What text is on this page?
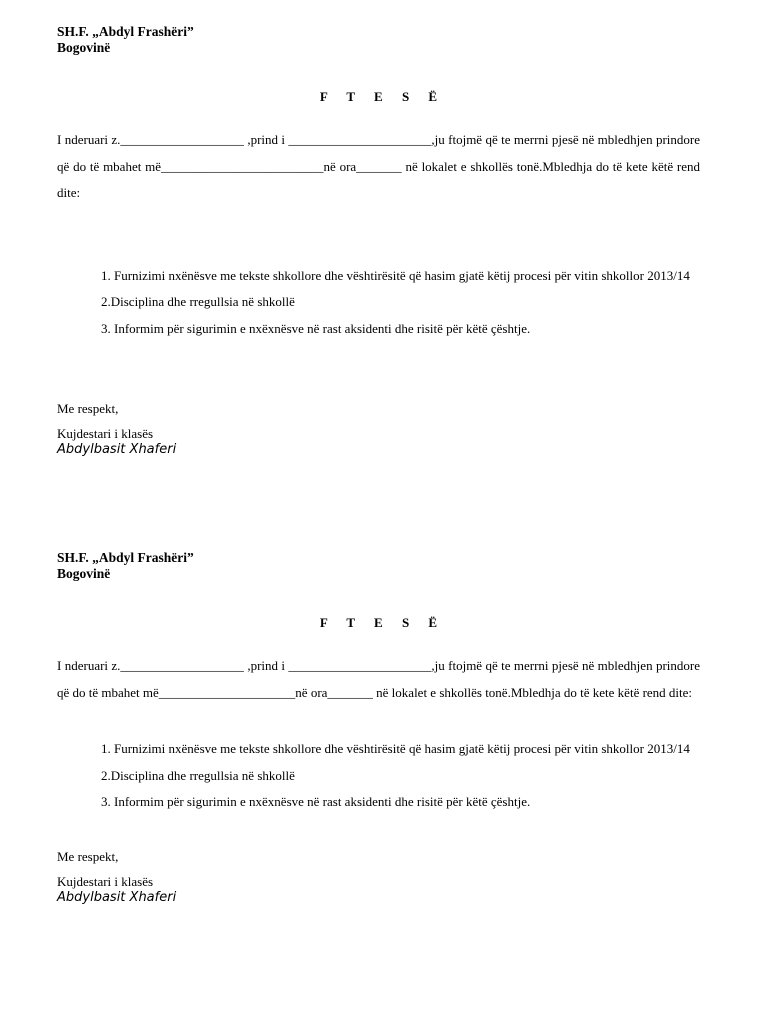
SH.F. „Abdyl Frashëri”
Bogovinë
F T E S Ë
I nderuari z.___________________ ,prind i ______________________,ju ftojmë që te merrni pjesë në mbledhjen prindore që do të mbahet më_________________________në ora_______ në lokalet e shkollës tonë.Mbledhja do të kete këtë rend dite:
1. Furnizimi nxënësve me tekste shkollore dhe vështirësitë që hasim gjatë këtij procesi për vitin shkollor 2013/14
2.Disciplina dhe rregullsia në shkollë
3. Informim për sigurimin e nxëxnësve në rast aksidenti dhe risitë për këtë çështje.
Me respekt,
Kujdestari i klasës
Abdylbasit Xhaferi
SH.F. „Abdyl Frashëri”
Bogovinë
F T E S Ë
I nderuari z.___________________ ,prind i ______________________,ju ftojmë që te merrni pjesë në mbledhjen prindore që do të mbahet më_____________________në ora_______ në lokalet e shkollës tonë.Mbledhja do të kete këtë rend dite:
1. Furnizimi nxënësve me tekste shkollore dhe vështirësitë që hasim gjatë këtij procesi për vitin shkollor 2013/14
2.Disciplina dhe rregullsia në shkollë
3. Informim për sigurimin e nxëxnësve në rast aksidenti dhe risitë për këtë çështje.
Me respekt,
Kujdestari i klasës
Abdylbasit Xhaferi
